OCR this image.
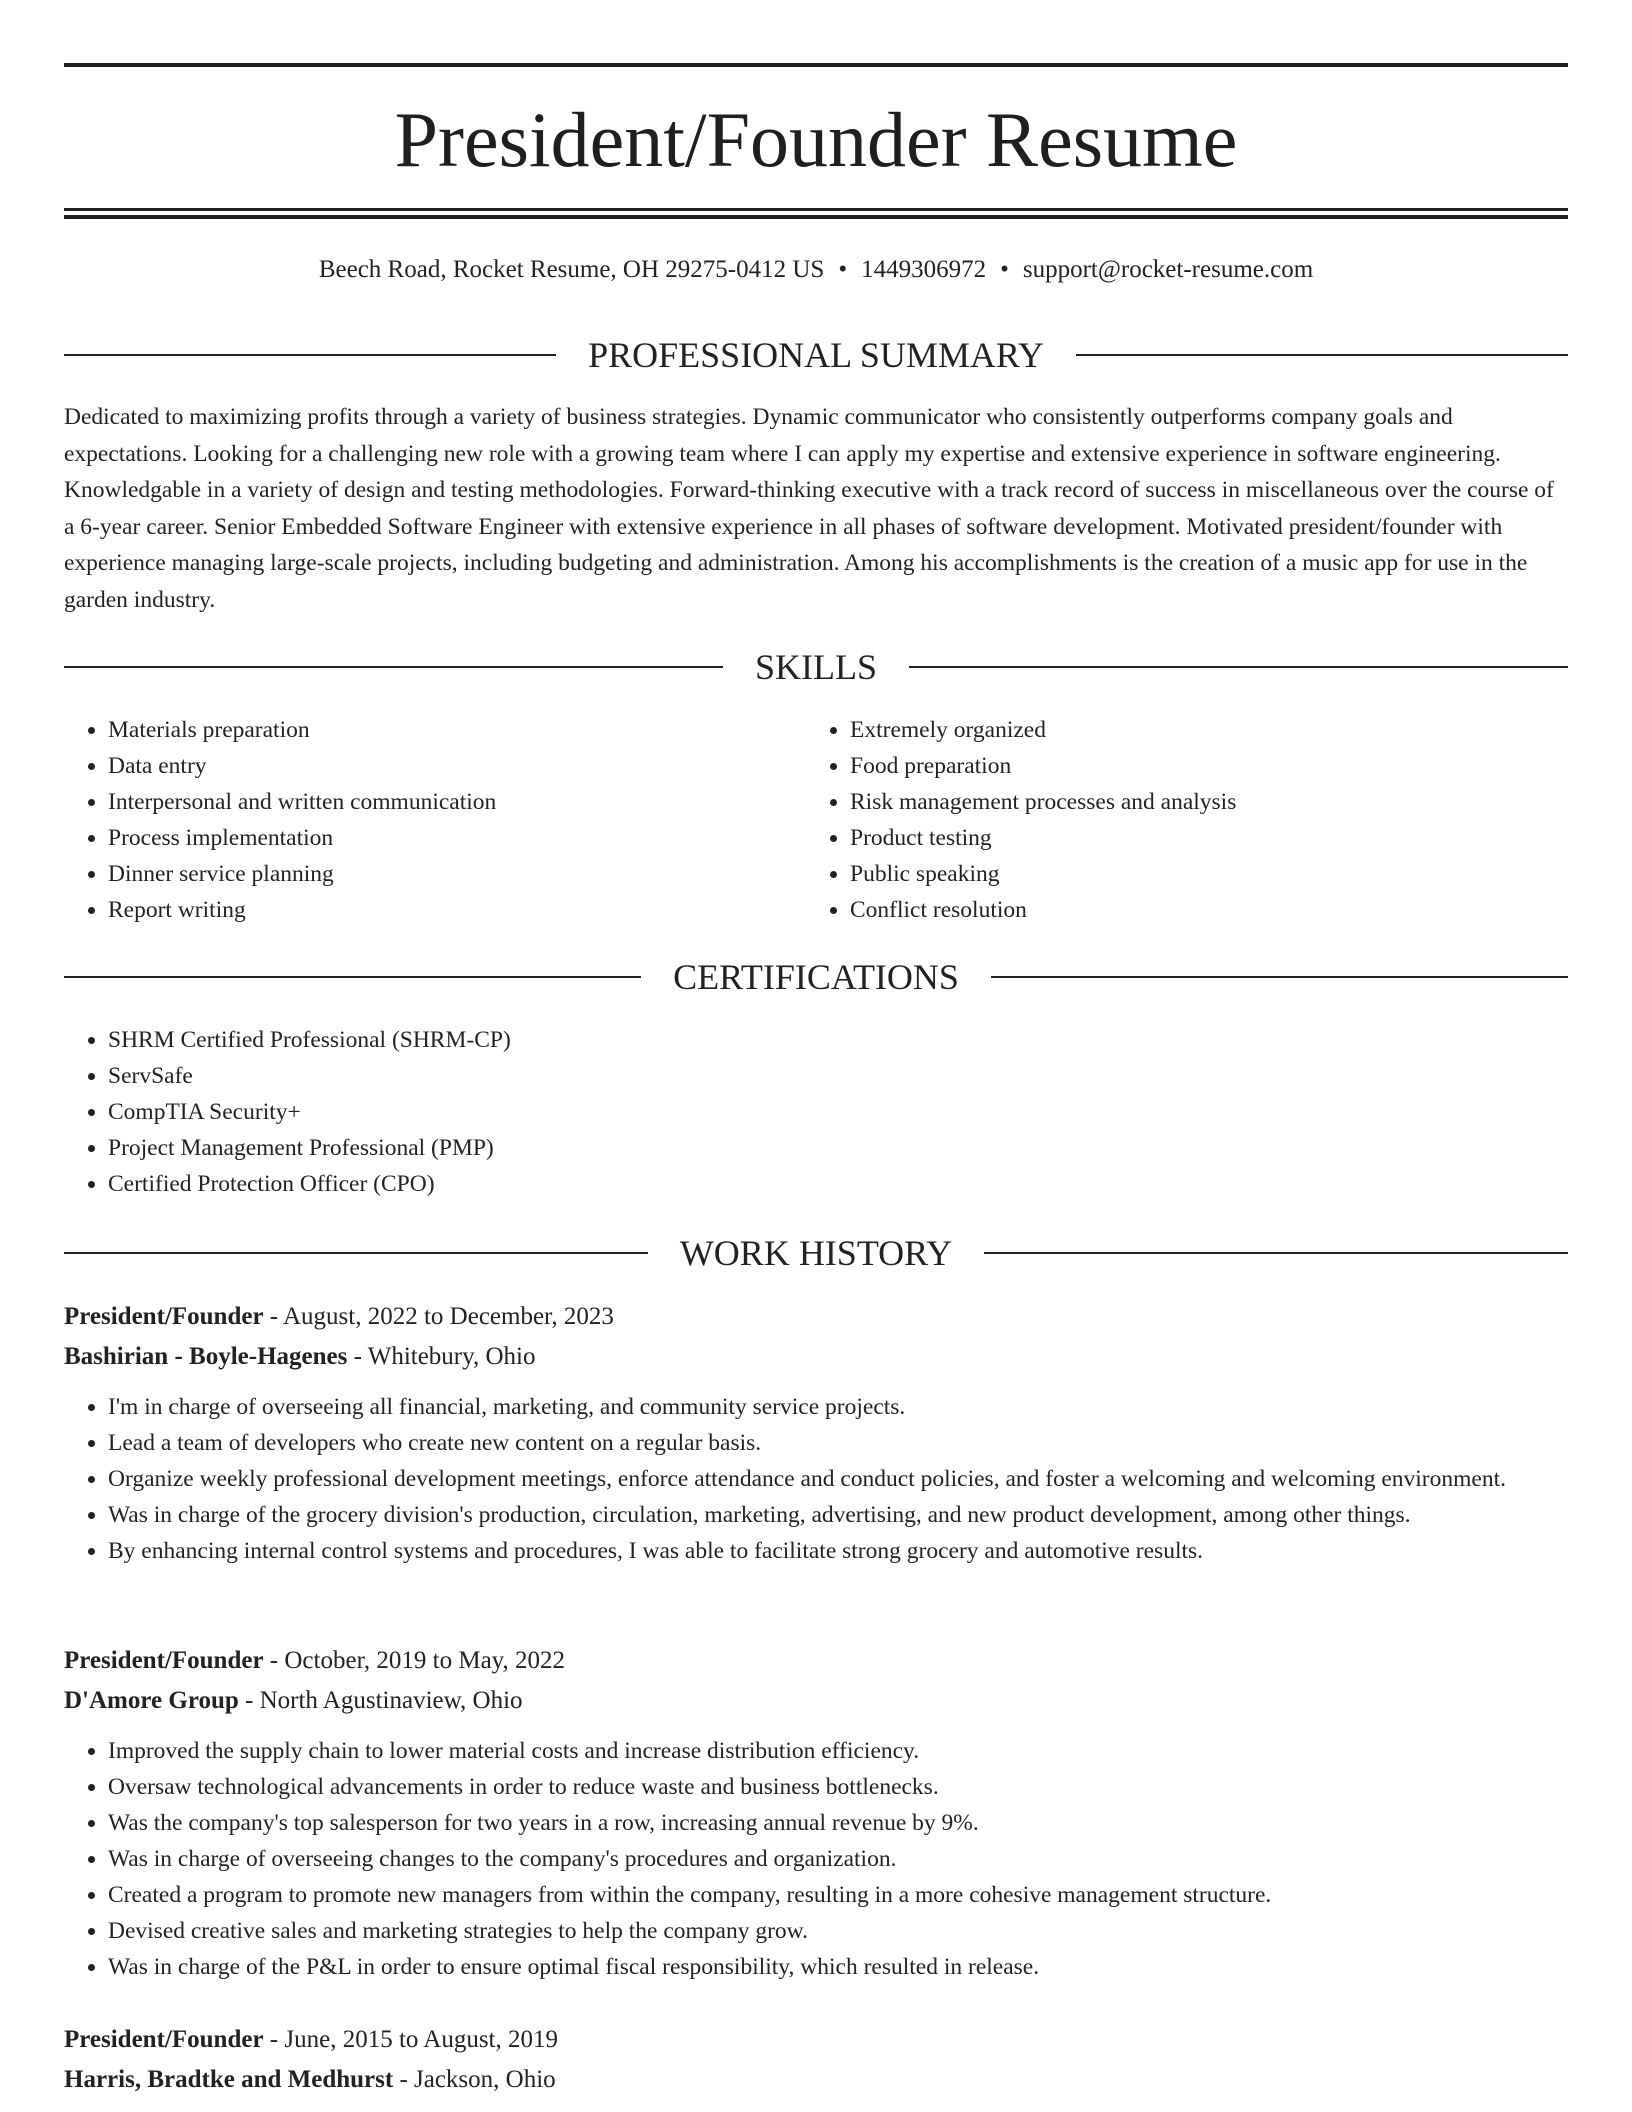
President/Founder Resume
Beech Road, Rocket Resume, OH 29275-0412 US • 1449306972 • support@rocket-resume.com
PROFESSIONAL SUMMARY

Dedicated to maximizing profits through a variety of business strategies. Dynamic communicator who consistently outperforms company goals and expectations. Looking for a challenging new role with a growing team where I can apply my expertise and extensive experience in software engineering. Knowledgable in a variety of design and testing methodologies. Forward-thinking executive with a track record of success in miscellaneous over the course of a 6-year career. Senior Embedded Software Engineer with extensive experience in all phases of software development. Motivated president/founder with experience managing large-scale projects, including budgeting and administration. Among his accomplishments is the creation of a music app for use in the garden industry.

SKILLS
• Materials preparation
• Data entry
• Interpersonal and written communication
• Process implementation
• Dinner service planning
• Report writing
• Extremely organized
• Food preparation
• Risk management processes and analysis
• Product testing
• Public speaking
• Conflict resolution
CERTIFICATIONS
• SHRM Certified Professional (SHRM-CP)
• ServSafe
• CompTIA Security+
• Project Management Professional (PMP)
• Certified Protection Officer (CPO)
WORK HISTORY
President/Founder - August, 2022 to December, 2023
Bashirian - Boyle-Hagenes - Whitebury, Ohio
• I'm in charge of overseeing all financial, marketing, and community service projects.
• Lead a team of developers who create new content on a regular basis.
• Organize weekly professional development meetings, enforce attendance and conduct policies, and foster a welcoming and welcoming environment.
• Was in charge of the grocery division's production, circulation, marketing, advertising, and new product development, among other things.
• By enhancing internal control systems and procedures, I was able to facilitate strong grocery and automotive results.
President/Founder - October, 2019 to May, 2022
D'Amore Group - North Agustinaview, Ohio
• Improved the supply chain to lower material costs and increase distribution efficiency.
• Oversaw technological advancements in order to reduce waste and business bottlenecks.
• Was the company's top salesperson for two years in a row, increasing annual revenue by 9%.
• Was in charge of overseeing changes to the company's procedures and organization.
• Created a program to promote new managers from within the company, resulting in a more cohesive management structure.
• Devised creative sales and marketing strategies to help the company grow.
• Was in charge of the P&L in order to ensure optimal fiscal responsibility, which resulted in release.
President/Founder - June, 2015 to August, 2019
Harris, Bradtke and Medhurst - Jackson, Ohio
